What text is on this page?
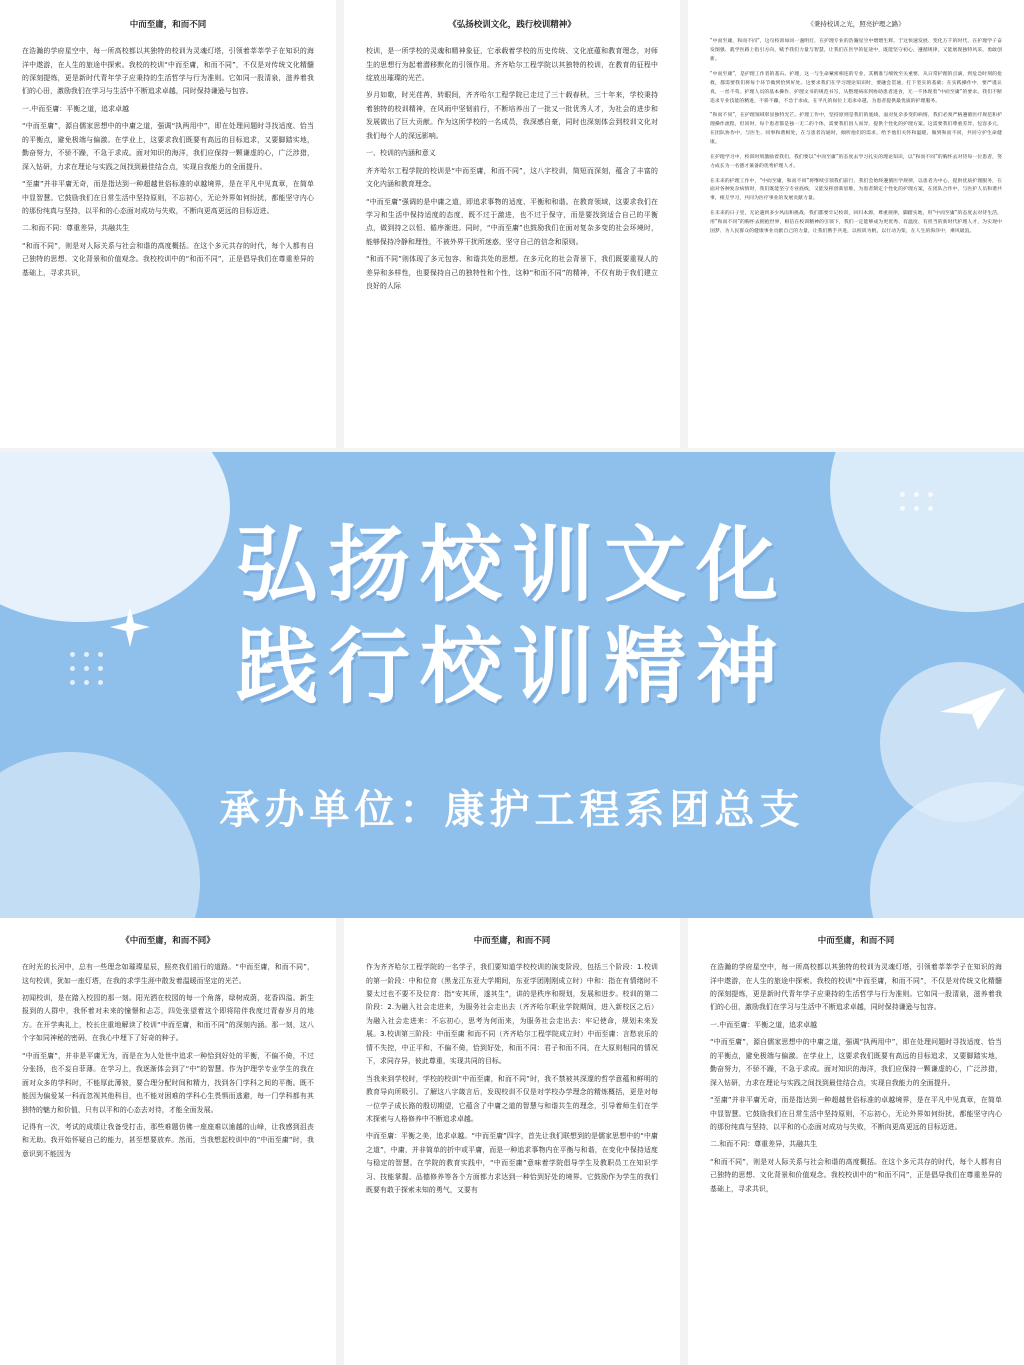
中而至庸，和而不同

在浩瀚的学府星空中，每一所高校都以其独特的校训为灵魂灯塔，引领着莘莘学子在知识的海洋中遨游，在人生的旅途中探索。我校的校训“中而至庸，和而不同”，不仅是对传统文化精髓的深刻提炼，更是新时代青年学子应秉持的生活哲学与行为准则。它如同一股清泉，滋养着我们的心田，激励我们在学习与生活中不断追求卓越，同时保持谦逊与包容。

一.中而至庸：平衡之道，追求卓越

“中而至庸”，源自儒家思想中的中庸之道，强调“执两用中”，即在处理问题时寻找适度、恰当的平衡点，避免极端与偏激。在学业上，这要求我们既要有高远的目标追求，又要脚踏实地，勤奋努力，不骄不躁，不急于求成。面对知识的海洋，我们应保持一颗谦虚的心，广泛涉猎，深入钻研，力求在理论与实践之间找到最佳结合点，实现自我能力的全面提升。

“至庸”并非平庸无奇，而是指达到一种超越世俗标准的卓越境界，是在平凡中见真章，在简单中显智慧。它鼓励我们在日常生活中坚持原则，不忘初心，无论外界如何纷扰，都能坚守内心的那份纯真与坚持，以平和的心态面对成功与失败，不断向更高更远的目标迈进。

二.和而不同：尊重差异，共融共生

“和而不同”，则是对人际关系与社会和谐的高度概括。在这个多元共存的时代，每个人都有自己独特的思想、文化背景和价值观念。我校校训中的“和而不同”，正是倡导我们在尊重差异的基础上，寻求共识，

《弘扬校训文化，践行校训精神》

校训，是一所学校的灵魂和精神象征，它承载着学校的历史传统、文化底蕴和教育理念，对师生的思想行为起着潜移默化的引领作用。齐齐哈尔工程学院以其独特的校训，在教育的征程中绽放出璀璨的光芒。

岁月如歌，时光荏苒，转眼间，齐齐哈尔工程学院已走过了三十载春秋，三十年来，学校秉持着独特的校训精神，在风雨中坚韧前行，不断培养出了一批又一批优秀人才，为社会的进步和发展做出了巨大贡献。作为这所学校的一名成员，我深感自豪，同时也深刻体会到校训文化对我们每个人的深远影响。

一、校训的内涵和意义

齐齐哈尔工程学院的校训是“中而至庸，和而不同”，这八字校训，简短而深刻，蕴含了丰富的文化内涵和教育理念。

“中而至庸”强调的是中庸之道，即追求事物的适度、平衡和和谐。在教育领域，这要求我们在学习和生活中保持适度的态度，既不过于激进，也不过于保守，而是要找到适合自己的平衡点，做到持之以恒、循序渐进。同时，“中而至庸”也鼓励我们在面对复杂多变的社会环境时，能够保持冷静和理性，不被外界干扰所迷惑，坚守自己的信念和原则。

“和而不同”则体现了多元包容、和谐共处的思想。在多元化的社会背景下，我们既要重视人的差异和多样性，也要保持自己的独特性和个性，这种“和而不同”的精神，不仅有助于我们建立良好的人际

《秉持校训之光，照亮护理之路》

“中而至庸，和而不同”，这句校训如同一盏明灯，在护理专业的浩瀚星空中熠熠生辉，于这快速发展、变化万千的时代，在护理学子奋发图强、就学医路上指引方向，赋予我们力量与智慧，让我们在医学的征途中，既能坚守初心，遵循规律，又能展现独特风采，勇敢创新。

“中而至庸”，是护理工作者的基石。护理，这一与生命紧密相连的专业，其精准与细致至关重要，从日常护理的点滴，到危急时刻的抢救，都需要我们将每个环节做到恰到好处。这要求我们在学习理论知识时，要融会贯通，打下坚实的基础；在实践操作中，要严谨认真，一丝不苟。护理人员的基本操作、护理文书的规范书写，从整理病床到协助患者进食，无一不体现着“中而至庸”的要求。我们不断追求专业技能的精进，不骄不躁，不急于求成，在平凡的岗位上追求卓越，为患者提供最优质的护理服务。

“和而不同”，在护理领域彰显独特光芒。护理工作中，坚持原则是我们的底线，面对复杂多变的病情，我们必须严格遵循医疗规范和护理操作流程，但同时，每个患者都是独一无二的个体，需要我们因人而异，提供个性化的护理方案。这需要我们尊重差异，包容多元，在团队协作中，与医生、同事和谐相处，在与患者沟通时，倾听他们的需求，给予他们关怀和温暖，做到和而不同，共同守护生命健康。

在护理学习中，校训时刻激励着我们，我们要以“中而至庸”的态度去学习扎实的理论知识，以“和而不同”的胸怀去对待每一位患者，努力成长为一名德才兼备的优秀护理人才。

在未来的护理工作中，“中而至庸，和而不同”将继续引领我们前行，我们会始终遵循医学规律，以患者为中心，提供优质护理服务，在面对各种复杂病情时，我们既能坚守专业底线，又能发挥创新思维，为患者制定个性化的护理方案，在团队合作中，与医护人员和谐共事，相互学习，共同为医疗事业的发展贡献力量。

在未来的日子里，无论遇到多少风雨和挑战，我们都要牢记校训，回归本源，尊重规律，脚踏实地，用“中而至庸”的态度去对待生活，用“和而不同”的胸怀去拥抱世界，相信在校训精神的引领下，我们一定能够成为更优秀、有温度、有担当的新时代护理人才，为实现中国梦、为人民群众的健康事业贡献自己的力量，让我们携手共进，以校训为帆，以行动为桨，在人生的海洋中，乘风破浪。

弘扬校训文化
践行校训精神
承办单位：康护工程系团总支
《中而至庸，和而不同》

在时光的长河中，总有一些理念如璀璨星辰，照亮我们前行的道路。“中而至庸，和而不同”，这句校训，犹如一座灯塔，在我的求学生涯中散发着温暖而坚定的光芒。

初闻校训，是在踏入校园的那一刻。阳光洒在校园的每一个角落，绿树成荫，花香四溢。新生报到的人群中，我怀着对未来的憧憬和忐忑，四处张望着这个即将陪伴我度过青春岁月的地方。在开学典礼上，校长庄重地解读了校训“中而至庸，和而不同”的深刻内涵。那一刻，这八个字如同神秘的密码，在我心中埋下了好奇的种子。

“中而至庸”，并非是平庸无为，而是在为人处世中追求一种恰到好处的平衡，不偏不倚，不过分张扬，也不妄自菲薄。在学习上，我逐渐体会到了“中”的智慧。作为护理学专业学生的我在面对众多的学科时，不能厚此薄彼，要合理分配时间和精力，找到各门学科之间的平衡。既不能因为偏爱某一科而忽视其他科目，也不能对困难的学科心生畏惧而逃避，每一门学科都有其独特的魅力和价值，只有以平和的心态去对待，才能全面发展。

记得有一次，考试的成绩让我备受打击，那些难题仿佛一座座难以逾越的山峰，让我感到沮丧和无助。我开始怀疑自己的能力，甚至想要放弃。然而，当我想起校训中的“中而至庸”时，我意识到不能因为

中而至庸，和而不同

作为齐齐哈尔工程学院的一名学子，我们要知道学校校训的演变阶段，包括三个阶段：1.校训的第一阶段：中和位育（黑龙江东亚大学期间，东亚学团刚刚成立时）中和：指在有情绪时不要太过也不要不及位育：指“安其所，遂其生”，讲的是秩序和规划，发展和进步。校训的第二阶段：2.为融入社会走进来，为服务社会走出去（齐齐哈尔职业学院期间，进入新校区之后）为融入社会走进来：不忘初心，思考为何而来，为服务社会走出去：牢记使命，规划未来发展。3.校训第三阶段：中而至庸 和而不同（齐齐哈尔工程学院成立时）中而至庸：言愁哀乐的情不失控，中正平和，不偏不倚，恰到好处，和而不同：君子和而不同，在大原则相同的情况下，求同存异，彼此尊重，实现共同的目标。

当我来到学校时，学校的校训“中而至庸，和而不同”时，我不禁被其深邃的哲学意蕴和鲜明的教育导向所吸引。了解这八字箴言后，发现校训不仅是对学校办学理念的精炼概括，更是对每一位学子成长路的殷切期望，它蕴含了中庸之道的智慧与和谐共生的理念，引导着师生们在学术探索与人格修养中不断追求卓越。

中而至庸：平衡之美，追求卓越。“中而至庸”四字，首先让我们联想到的是儒家思想中的“中庸之道”，中庸，并非简单的折中或平庸，而是一种追求事物内在平衡与和谐，在变化中保持适度与稳定的智慧。在学院的教育实践中，“中而至庸”意味着学院倡导学生及教职员工在知识学习、技能掌握、品德修养等各个方面都力求达到一种恰到好处的境界。它鼓励作为学生的我们既要有敢于探索未知的勇气，又要有

中而至庸，和而不同

在浩瀚的学府星空中，每一所高校都以其独特的校训为灵魂灯塔，引领着莘莘学子在知识的海洋中遨游，在人生的旅途中探索。我校的校训“中而至庸，和而不同”，不仅是对传统文化精髓的深刻提炼，更是新时代青年学子应秉持的生活哲学与行为准则。它如同一股清泉，滋养着我们的心田，激励我们在学习与生活中不断追求卓越，同时保持谦逊与包容。

一.中而至庸：平衡之道，追求卓越

“中而至庸”，源自儒家思想中的中庸之道，强调“执两用中”，即在处理问题时寻找适度、恰当的平衡点，避免极端与偏激。在学业上，这要求我们既要有高远的目标追求，又要脚踏实地，勤奋努力，不骄不躁，不急于求成。面对知识的海洋，我们应保持一颗谦虚的心，广泛涉猎，深入钻研，力求在理论与实践之间找到最佳结合点，实现自我能力的全面提升。

“至庸”并非平庸无奇，而是指达到一种超越世俗标准的卓越境界，是在平凡中见真章，在简单中显智慧。它鼓励我们在日常生活中坚持原则，不忘初心，无论外界如何纷扰，都能坚守内心的那份纯真与坚持，以平和的心态面对成功与失败，不断向更高更远的目标迈进。

二.和而不同：尊重差异，共融共生

“和而不同”，则是对人际关系与社会和谐的高度概括。在这个多元共存的时代，每个人都有自己独特的思想、文化背景和价值观念。我校校训中的“和而不同”，正是倡导我们在尊重差异的基础上，寻求共识，
